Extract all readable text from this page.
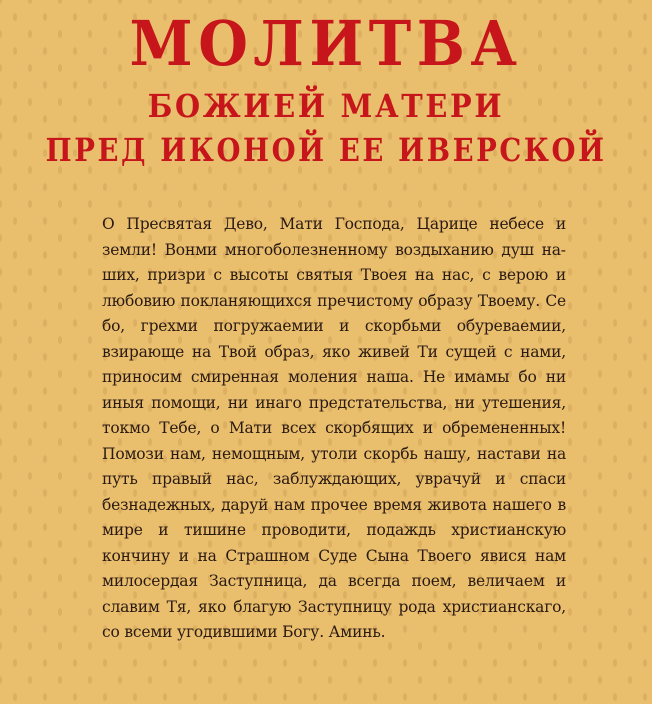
МОЛИТВА
БОЖИЕЙ МАТЕРИ
ПРЕД ИКОНОЙ ЕЕ ИВЕРСКОЙ

О Пресвятая Дево, Мати Господа, Царице небесе и земли! Вонми многоболезненному воздыханию душ наших, призри с высоты святыя Твоея на нас, с верою и любовию покланяющихся пречистому образу Твоему. Се бо, грехми погружаемии и скорбьми обуреваемии, взирающе на Твой образ, яко живей Ти сущей с нами, приносим смиренная моления наша. Не имамы бо ни иныя помощи, ни инаго предстательства, ни утешения, токмо Тебе, о Мати всех скорбящих и обремененных! Помози нам, немощным, утоли скорбь нашу, настави на путь правый нас, заблуждающих, уврачуй и спаси безнадежных, даруй нам прочее время живота нашего в мире и тишине проводити, подаждь христианскую кончину и на Страшном Суде Сына Твоего явися нам милосердая Заступница, да всегда поем, величаем и славим Тя, яко благую Заступницу рода христианскаго, со всеми угодившими Богу. Аминь.
